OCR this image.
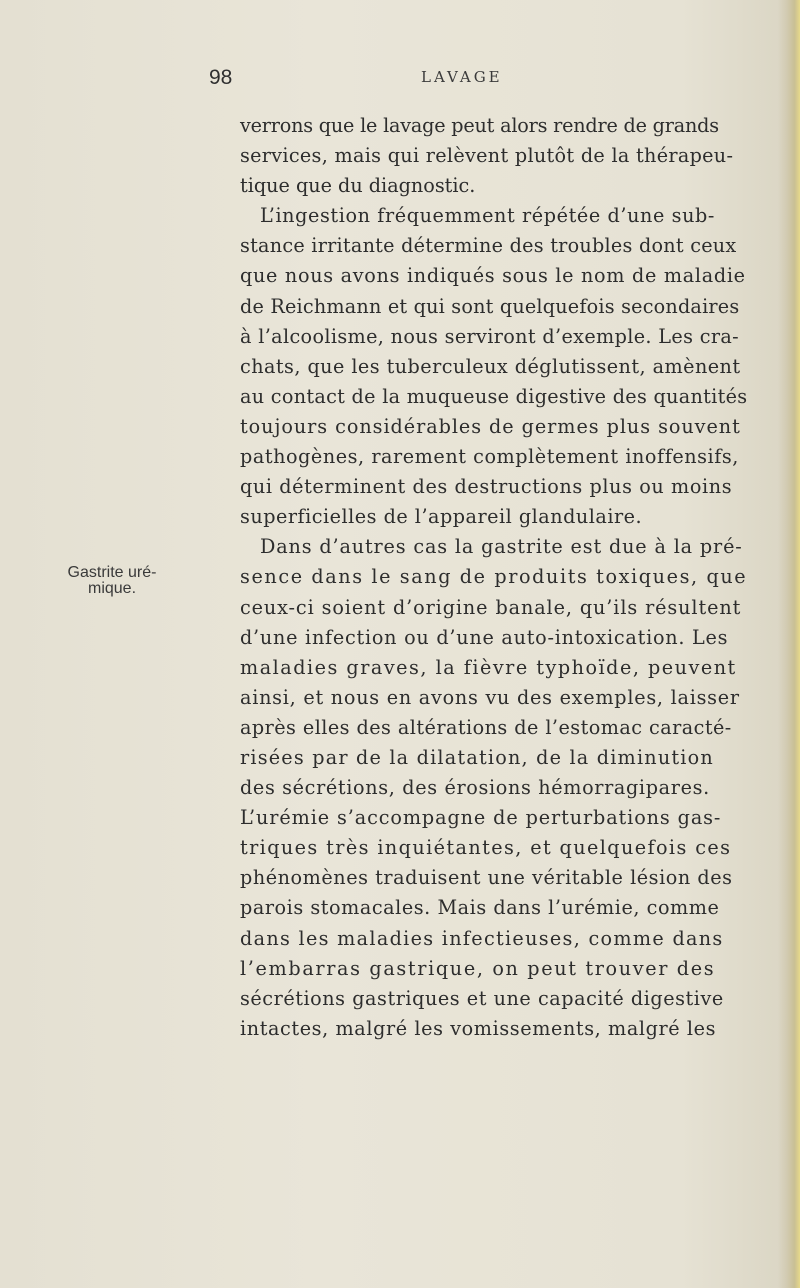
98	LAVAGE
Gastrite uré-
mique.
verrons que le lavage peut alors rendre de grands
services, mais qui relèvent plutôt de la thérapeu-
tique que du diagnostic.
L’ingestion fréquemment répétée d’une sub-
stance irritante détermine des troubles dont ceux
que nous avons indiqués sous le nom de maladie
de Reichmann et qui sont quelquefois secondaires
à l’alcoolisme, nous serviront d’exemple. Les cra-
chats, que les tuberculeux déglutissent, amènent
au contact de la muqueuse digestive des quantités
toujours considérables de germes plus souvent
pathogènes, rarement complètement inoffensifs,
qui déterminent des destructions plus ou moins
superficielles de l’appareil glandulaire.
Dans d’autres cas la gastrite est due à la pré-
sence dans le sang de produits toxiques, que
ceux-ci soient d’origine banale, qu’ils résultent
d’une infection ou d’une auto-intoxication. Les
maladies graves, la fièvre typhoïde, peuvent
ainsi, et nous en avons vu des exemples, laisser
après elles des altérations de l’estomac caracté-
risées par de la dilatation, de la diminution
des sécrétions, des érosions hémorragipares.
L’urémie s’accompagne de perturbations gas-
triques très inquiétantes, et quelquefois ces
phénomènes traduisent une véritable lésion des
parois stomacales. Mais dans l’urémie, comme
dans les maladies infectieuses, comme dans
l’embarras gastrique, on peut trouver des
sécrétions gastriques et une capacité digestive
intactes, malgré les vomissements, malgré les
